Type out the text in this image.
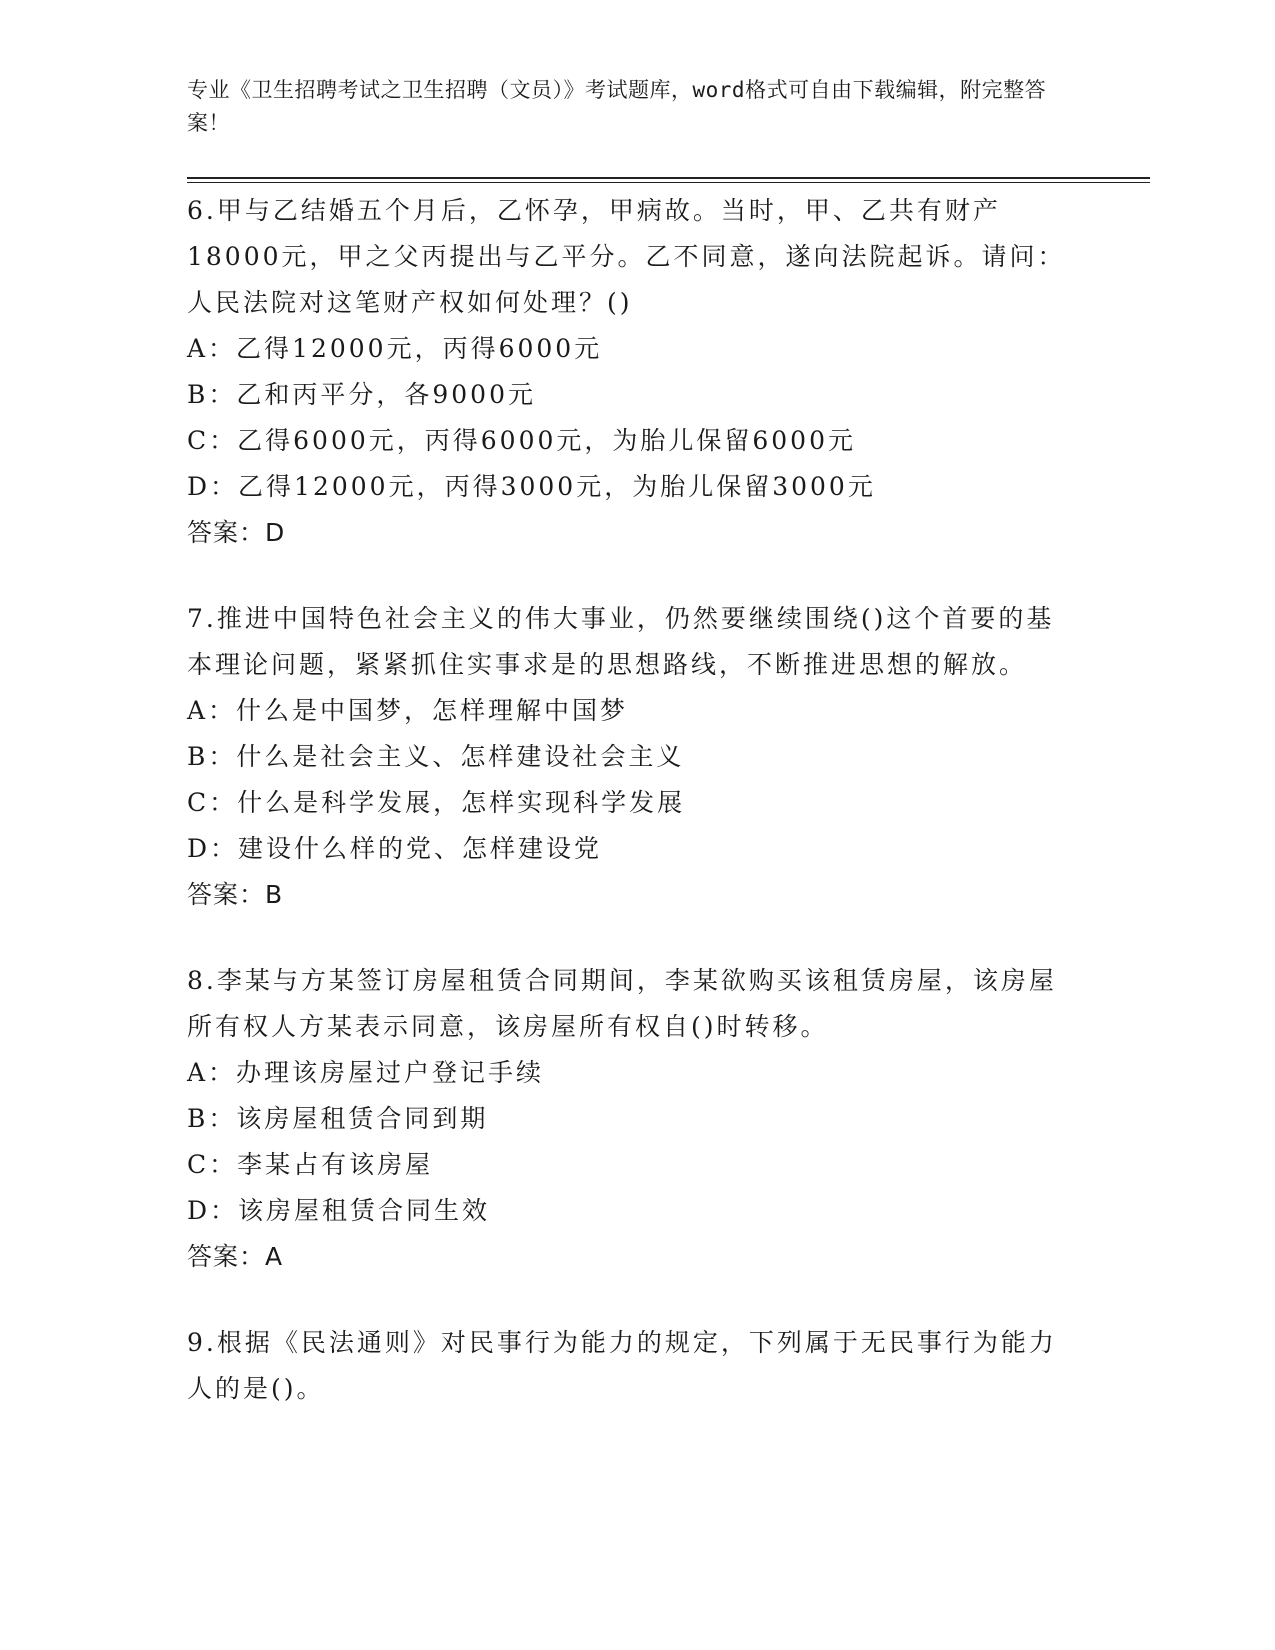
专业《卫生招聘考试之卫生招聘（文员）》考试题库，word格式可自由下载编辑，附完整答案！

6.甲与乙结婚五个月后，乙怀孕，甲病故。当时，甲、乙共有财产18000元，甲之父丙提出与乙平分。乙不同意，遂向法院起诉。请问：人民法院对这笔财产权如何处理？()

A：乙得12000元，丙得6000元

B：乙和丙平分，各9000元

C：乙得6000元，丙得6000元，为胎儿保留6000元

D：乙得12000元，丙得3000元，为胎儿保留3000元

答案：D

7.推进中国特色社会主义的伟大事业，仍然要继续围绕()这个首要的基本理论问题，紧紧抓住实事求是的思想路线，不断推进思想的解放。

A：什么是中国梦，怎样理解中国梦

B：什么是社会主义、怎样建设社会主义

C：什么是科学发展，怎样实现科学发展

D：建设什么样的党、怎样建设党

答案：B

8.李某与方某签订房屋租赁合同期间，李某欲购买该租赁房屋，该房屋所有权人方某表示同意，该房屋所有权自()时转移。

A：办理该房屋过户登记手续

B：该房屋租赁合同到期

C：李某占有该房屋

D：该房屋租赁合同生效

答案：A

9.根据《民法通则》对民事行为能力的规定，下列属于无民事行为能力人的是()。
